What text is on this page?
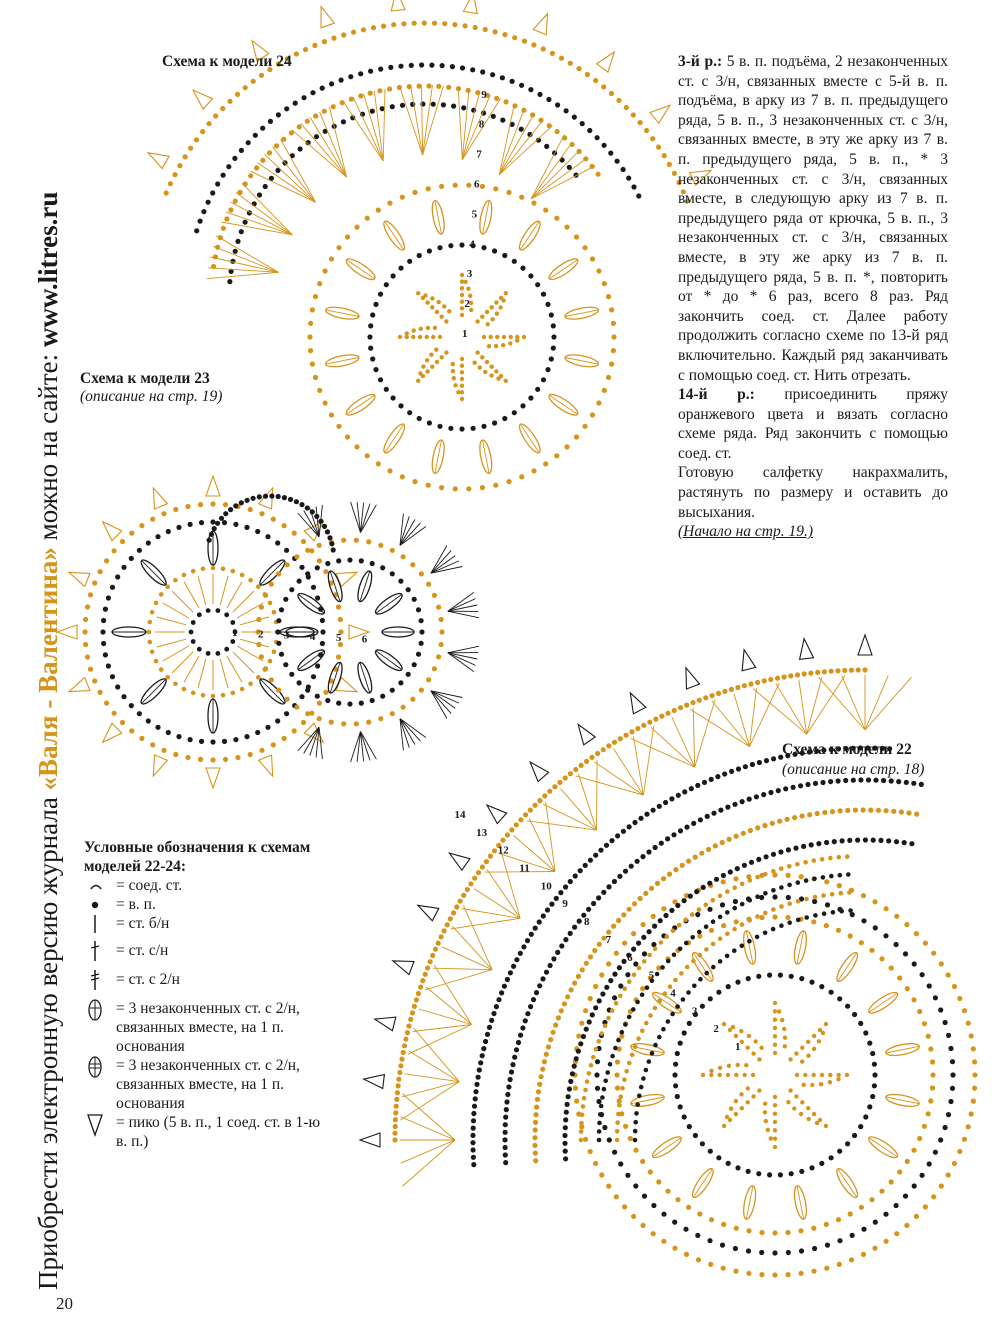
1
2
3
4
5
6
7
8
9
1 2 3 4 5 6
1
2
3
4
5
6
7
8
9
10
11
12
13
14
Приобрести электронную версию журнала «Валя - Валентина» можно на сайте: www.litres.ru
Схема к модели 24
Схема к модели 23
(описание на стр. 19)
Схема к модели 22
(описание на стр. 18)

3-й р.: 5 в. п. подъёма, 2 незаконченных ст. с 3/н, связанных вместе с 5-й в. п. подъёма, в арку из 7 в. п. предыдущего ряда, 5 в. п., 3 незаконченных ст. с 3/н, связанных вместе, в эту же арку из 7 в. п. предыдущего ряда, 5 в. п., * 3 незаконченных ст. с 3/н, связанных вместе, в следующую арку из 7 в. п. предыдущего ряда от крючка, 5 в. п., 3 незаконченных ст. с 3/н, связанных вместе, в эту же арку из 7 в. п. предыдущего ряда, 5 в. п. *, повторить от * до * 6 раз, всего 8 раз. Ряд закончить соед. ст. Далее работу продолжить согласно схеме по 13-й ряд включительно. Каждый ряд заканчивать с помощью соед. ст. Нить отрезать.

14-й р.: присоединить пряжу оранжевого цвета и вязать согласно схеме ряда. Ряд закончить с помощью соед. ст.

Готовую салфетку накрахмалить, растянуть по размеру и оставить до высыхания.

(Начало на стр. 19.)

Условные обозначения к схемам моделей 22-24:
= соед. ст.
= в. п.
= ст. б/н
= ст. с/н
= ст. с 2/н
= 3 незаконченных ст. с 2/н, связанных вместе, на 1 п. основания
= 3 незаконченных ст. с 2/н, связанных вместе, на 1 п. основания
= пико (5 в. п., 1 соед. ст. в 1-ю в. п.)
20
